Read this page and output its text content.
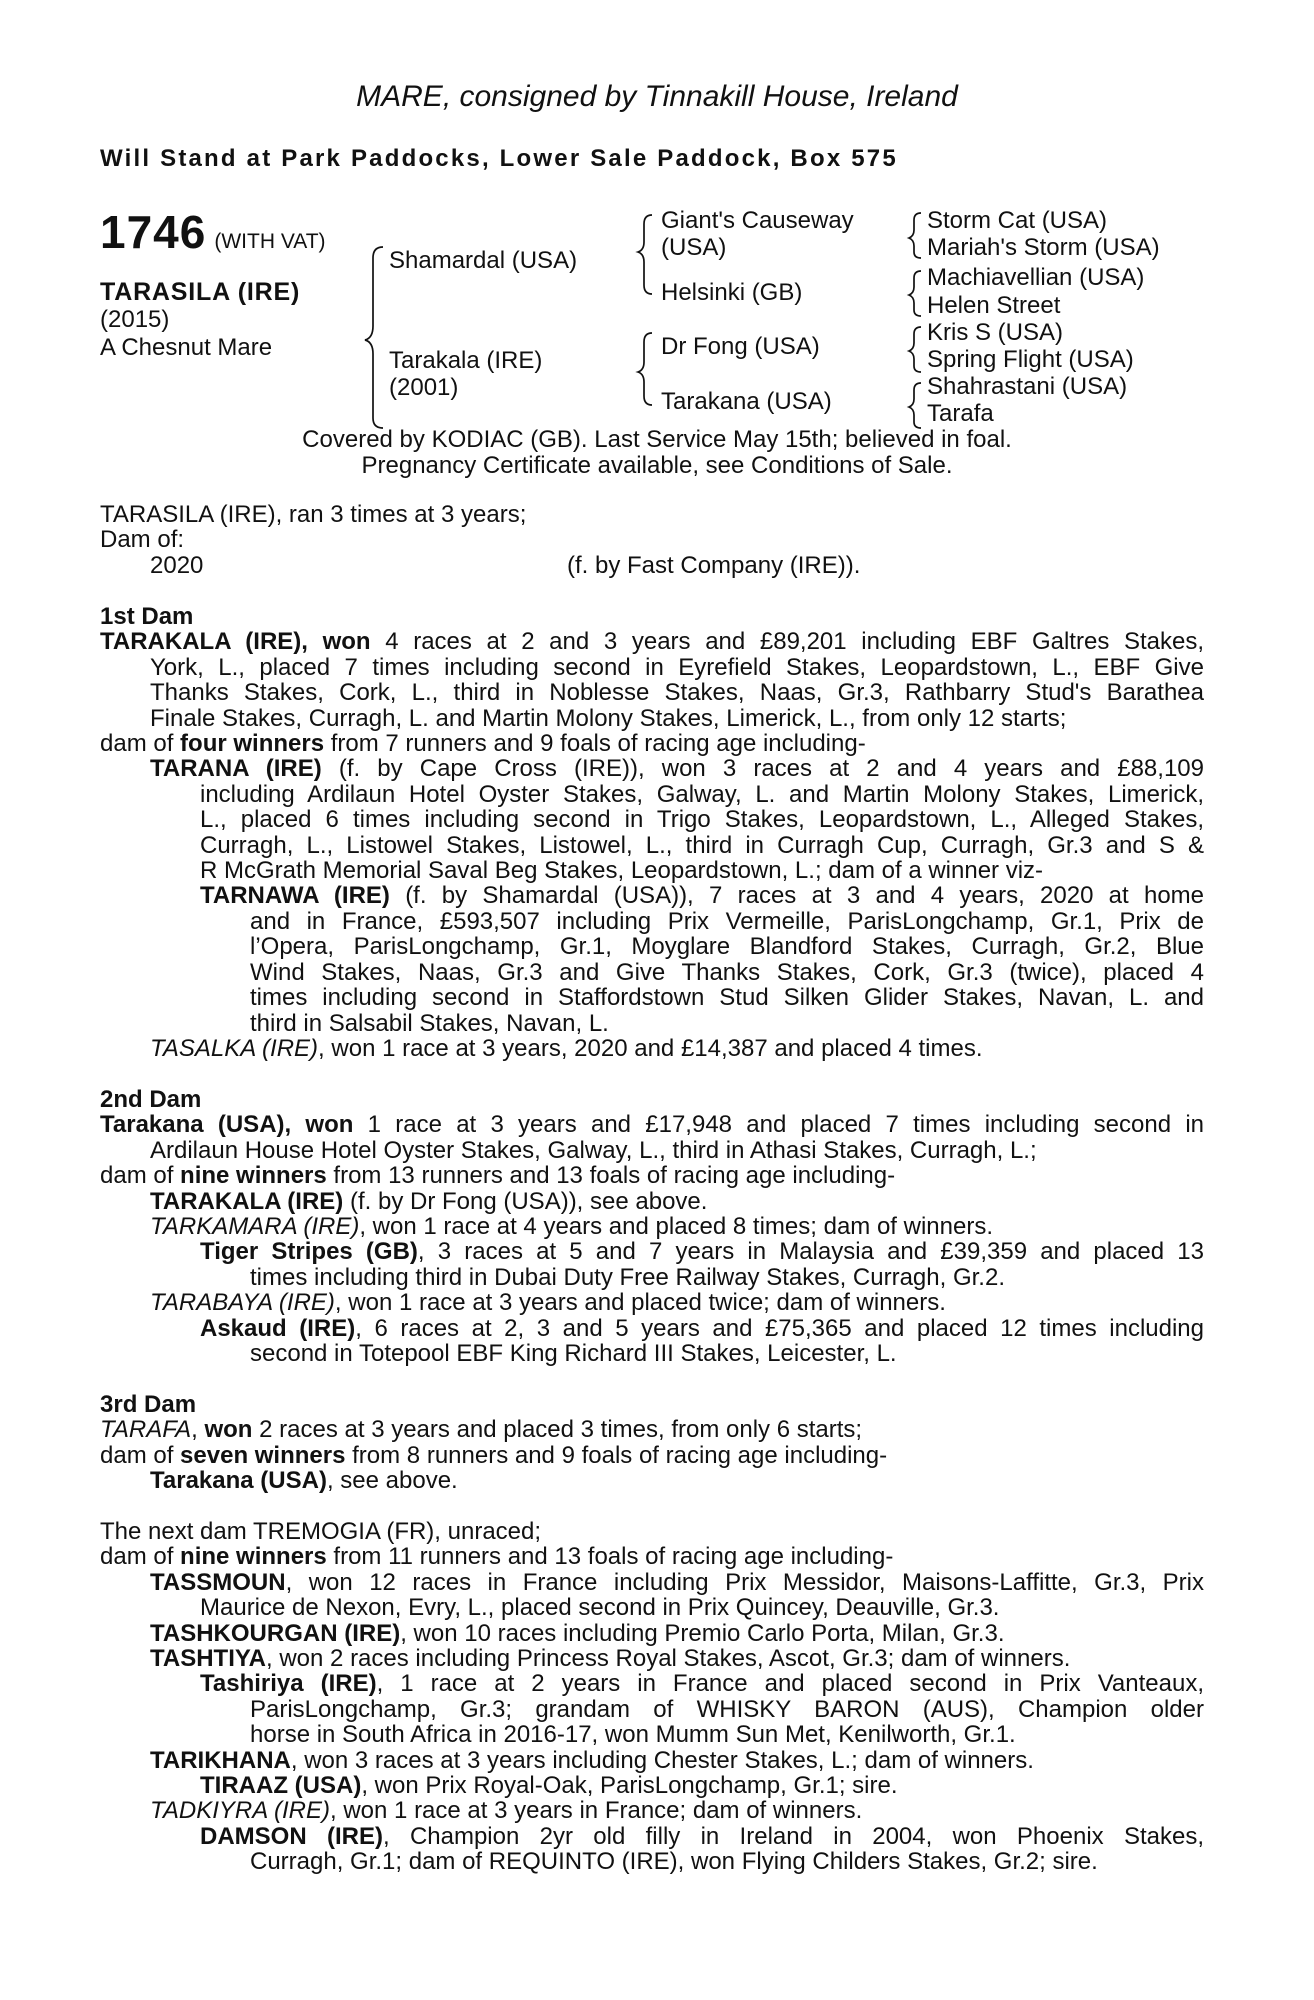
MARE, consigned by Tinnakill House, Ireland
Will Stand at Park Paddocks, Lower Sale Paddock, Box 575
1746 (WITH VAT)
TARASILA (IRE)
(2015)
A Chesnut Mare
Shamardal (USA)
Tarakala (IRE)
(2001)
Giant's Causeway
(USA)
Helsinki (GB)
Dr Fong (USA)
Tarakana (USA)
Storm Cat (USA)
Mariah's Storm (USA)
Machiavellian (USA)
Helen Street
Kris S (USA)
Spring Flight (USA)
Shahrastani (USA)
Tarafa
Covered by KODIAC (GB). Last Service May 15th; believed in foal.
Pregnancy Certificate available, see Conditions of Sale.
TARASILA (IRE), ran 3 times at 3 years;
Dam of:
2020	(f. by Fast Company (IRE)).
1st Dam
TARAKALA (IRE), won 4 races at 2 and 3 years and £89,201 including EBF Galtres Stakes,
York, L., placed 7 times including second in Eyrefield Stakes, Leopardstown, L., EBF Give
Thanks Stakes, Cork, L., third in Noblesse Stakes, Naas, Gr.3, Rathbarry Stud's Barathea
Finale Stakes, Curragh, L. and Martin Molony Stakes, Limerick, L., from only 12 starts;
dam of four winners from 7 runners and 9 foals of racing age including-
TARANA (IRE) (f. by Cape Cross (IRE)), won 3 races at 2 and 4 years and £88,109
including Ardilaun Hotel Oyster Stakes, Galway, L. and Martin Molony Stakes, Limerick,
L., placed 6 times including second in Trigo Stakes, Leopardstown, L., Alleged Stakes,
Curragh, L., Listowel Stakes, Listowel, L., third in Curragh Cup, Curragh, Gr.3 and S &
R McGrath Memorial Saval Beg Stakes, Leopardstown, L.; dam of a winner viz-
TARNAWA (IRE) (f. by Shamardal (USA)), 7 races at 3 and 4 years, 2020 at home
and in France, £593,507 including Prix Vermeille, ParisLongchamp, Gr.1, Prix de
l’Opera, ParisLongchamp, Gr.1, Moyglare Blandford Stakes, Curragh, Gr.2, Blue
Wind Stakes, Naas, Gr.3 and Give Thanks Stakes, Cork, Gr.3 (twice), placed 4
times including second in Staffordstown Stud Silken Glider Stakes, Navan, L. and
third in Salsabil Stakes, Navan, L.
TASALKA (IRE), won 1 race at 3 years, 2020 and £14,387 and placed 4 times.
2nd Dam
Tarakana (USA), won 1 race at 3 years and £17,948 and placed 7 times including second in
Ardilaun House Hotel Oyster Stakes, Galway, L., third in Athasi Stakes, Curragh, L.;
dam of nine winners from 13 runners and 13 foals of racing age including-
TARAKALA (IRE) (f. by Dr Fong (USA)), see above.
TARKAMARA (IRE), won 1 race at 4 years and placed 8 times; dam of winners.
Tiger Stripes (GB), 3 races at 5 and 7 years in Malaysia and £39,359 and placed 13
times including third in Dubai Duty Free Railway Stakes, Curragh, Gr.2.
TARABAYA (IRE), won 1 race at 3 years and placed twice; dam of winners.
Askaud (IRE), 6 races at 2, 3 and 5 years and £75,365 and placed 12 times including
second in Totepool EBF King Richard III Stakes, Leicester, L.
3rd Dam
TARAFA, won 2 races at 3 years and placed 3 times, from only 6 starts;
dam of seven winners from 8 runners and 9 foals of racing age including-
Tarakana (USA), see above.
The next dam TREMOGIA (FR), unraced;
dam of nine winners from 11 runners and 13 foals of racing age including-
TASSMOUN, won 12 races in France including Prix Messidor, Maisons-Laffitte, Gr.3, Prix
Maurice de Nexon, Evry, L., placed second in Prix Quincey, Deauville, Gr.3.
TASHKOURGAN (IRE), won 10 races including Premio Carlo Porta, Milan, Gr.3.
TASHTIYA, won 2 races including Princess Royal Stakes, Ascot, Gr.3; dam of winners.
Tashiriya (IRE), 1 race at 2 years in France and placed second in Prix Vanteaux,
ParisLongchamp, Gr.3; grandam of WHISKY BARON (AUS), Champion older
horse in South Africa in 2016-17, won Mumm Sun Met, Kenilworth, Gr.1.
TARIKHANA, won 3 races at 3 years including Chester Stakes, L.; dam of winners.
TIRAAZ (USA), won Prix Royal-Oak, ParisLongchamp, Gr.1; sire.
TADKIYRA (IRE), won 1 race at 3 years in France; dam of winners.
DAMSON (IRE), Champion 2yr old filly in Ireland in 2004, won Phoenix Stakes,
Curragh, Gr.1; dam of REQUINTO (IRE), won Flying Childers Stakes, Gr.2; sire.
